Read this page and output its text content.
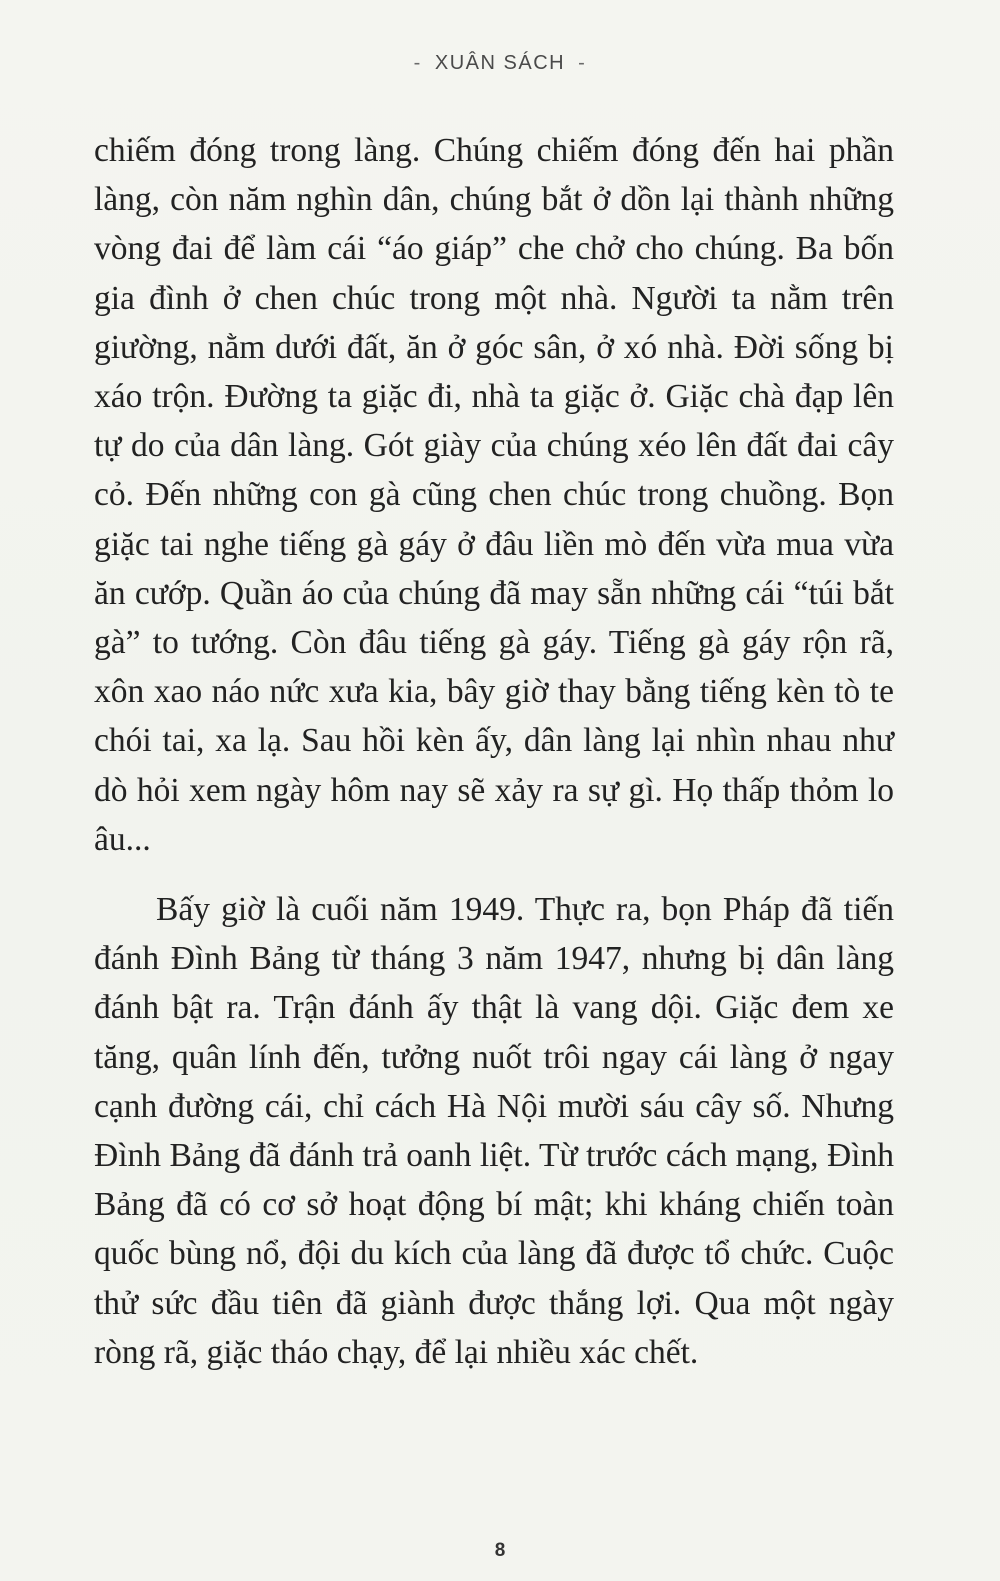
- XUÂN SÁCH -

chiếm đóng trong làng. Chúng chiếm đóng đến hai phần làng, còn năm nghìn dân, chúng bắt ở dồn lại thành những vòng đai để làm cái “áo giáp” che chở cho chúng. Ba bốn gia đình ở chen chúc trong một nhà. Người ta nằm trên giường, nằm dưới đất, ăn ở góc sân, ở xó nhà. Đời sống bị xáo trộn. Đường ta giặc đi, nhà ta giặc ở. Giặc chà đạp lên tự do của dân làng. Gót giày của chúng xéo lên đất đai cây cỏ. Đến những con gà cũng chen chúc trong chuồng. Bọn giặc tai nghe tiếng gà gáy ở đâu liền mò đến vừa mua vừa ăn cướp. Quần áo của chúng đã may sẵn những cái “túi bắt gà” to tướng. Còn đâu tiếng gà gáy. Tiếng gà gáy rộn rã, xôn xao náo nức xưa kia, bây giờ thay bằng tiếng kèn tò te chói tai, xa lạ. Sau hồi kèn ấy, dân làng lại nhìn nhau như dò hỏi xem ngày hôm nay sẽ xảy ra sự gì. Họ thấp thỏm lo âu...

Bấy giờ là cuối năm 1949. Thực ra, bọn Pháp đã tiến đánh Đình Bảng từ tháng 3 năm 1947, nhưng bị dân làng đánh bật ra. Trận đánh ấy thật là vang dội. Giặc đem xe tăng, quân lính đến, tưởng nuốt trôi ngay cái làng ở ngay cạnh đường cái, chỉ cách Hà Nội mười sáu cây số. Nhưng Đình Bảng đã đánh trả oanh liệt. Từ trước cách mạng, Đình Bảng đã có cơ sở hoạt động bí mật; khi kháng chiến toàn quốc bùng nổ, đội du kích của làng đã được tổ chức. Cuộc thử sức đầu tiên đã giành được thắng lợi. Qua một ngày ròng rã, giặc tháo chạy, để lại nhiều xác chết.

8
